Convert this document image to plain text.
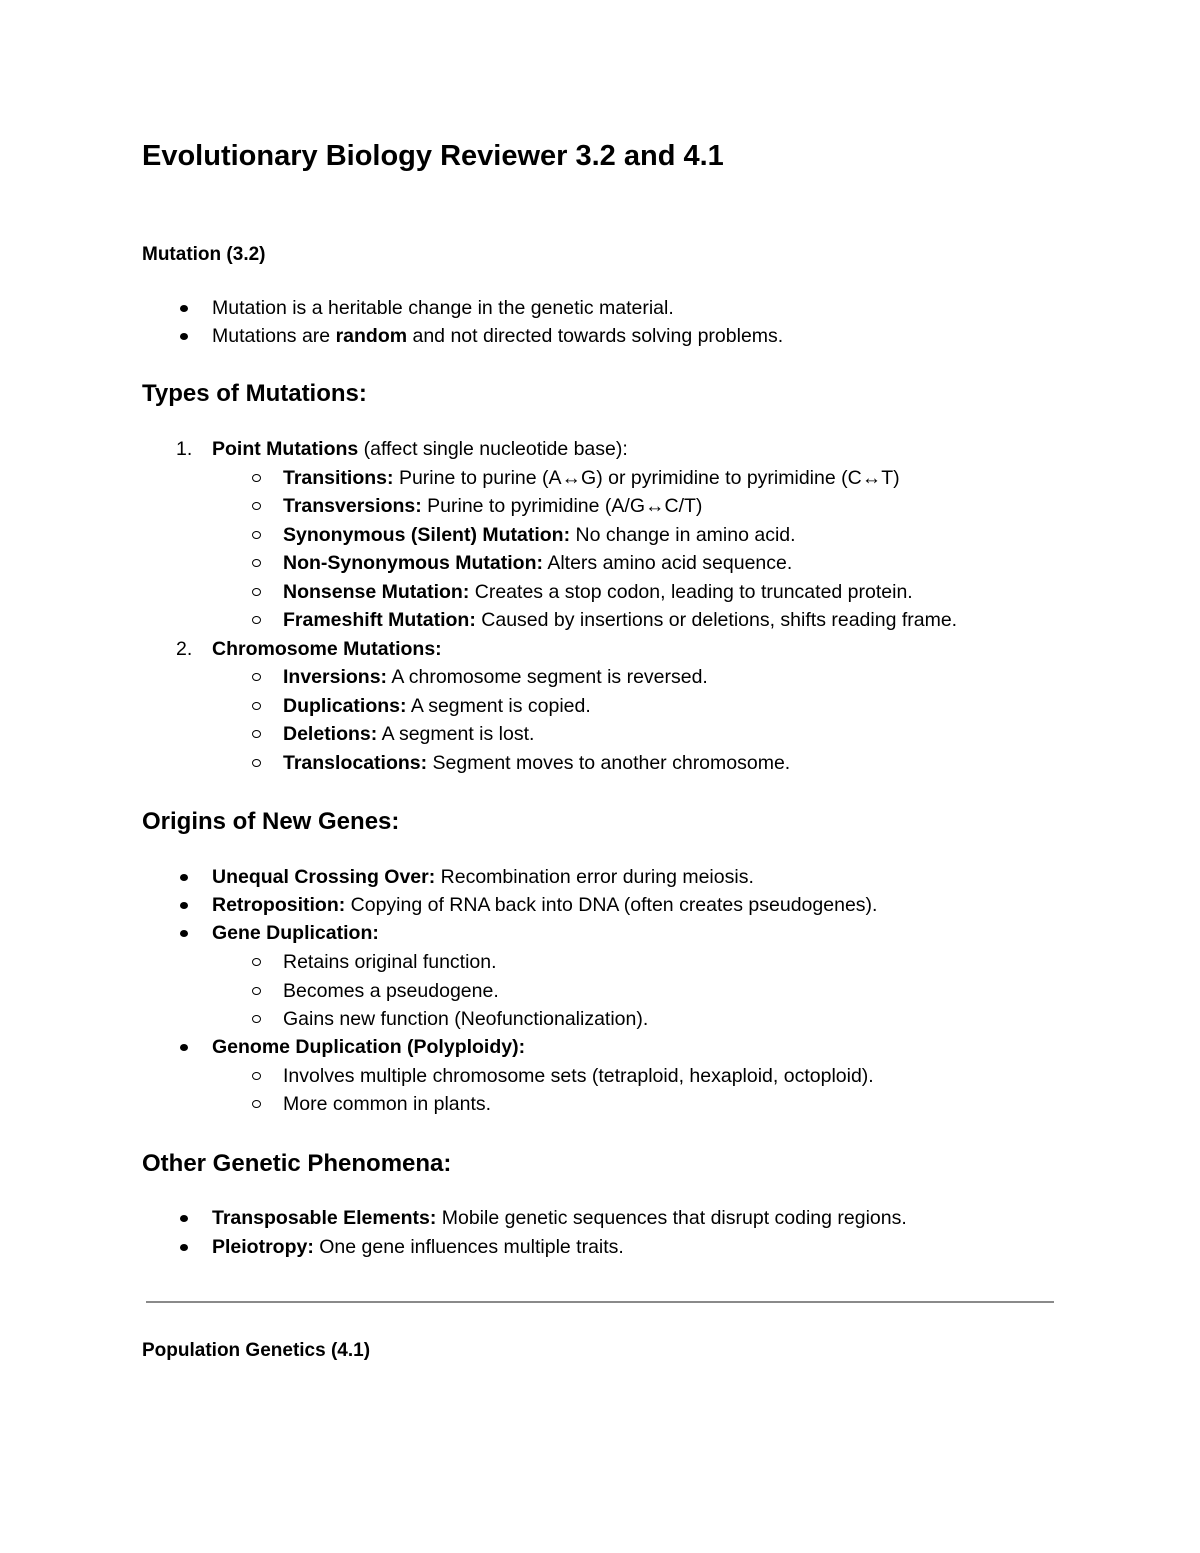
Evolutionary Biology Reviewer 3.2 and 4.1
Mutation (3.2)
Mutation is a heritable change in the genetic material.
Mutations are random and not directed towards solving problems.
Types of Mutations:
1. Point Mutations (affect single nucleotide base):
Transitions: Purine to purine (A↔G) or pyrimidine to pyrimidine (C↔T)
Transversions: Purine to pyrimidine (A/G↔C/T)
Synonymous (Silent) Mutation: No change in amino acid.
Non-Synonymous Mutation: Alters amino acid sequence.
Nonsense Mutation: Creates a stop codon, leading to truncated protein.
Frameshift Mutation: Caused by insertions or deletions, shifts reading frame.
2. Chromosome Mutations:
Inversions: A chromosome segment is reversed.
Duplications: A segment is copied.
Deletions: A segment is lost.
Translocations: Segment moves to another chromosome.
Origins of New Genes:
Unequal Crossing Over: Recombination error during meiosis.
Retroposition: Copying of RNA back into DNA (often creates pseudogenes).
Gene Duplication:
Retains original function.
Becomes a pseudogene.
Gains new function (Neofunctionalization).
Genome Duplication (Polyploidy):
Involves multiple chromosome sets (tetraploid, hexaploid, octoploid).
More common in plants.
Other Genetic Phenomena:
Transposable Elements: Mobile genetic sequences that disrupt coding regions.
Pleiotropy: One gene influences multiple traits.
Population Genetics (4.1)
